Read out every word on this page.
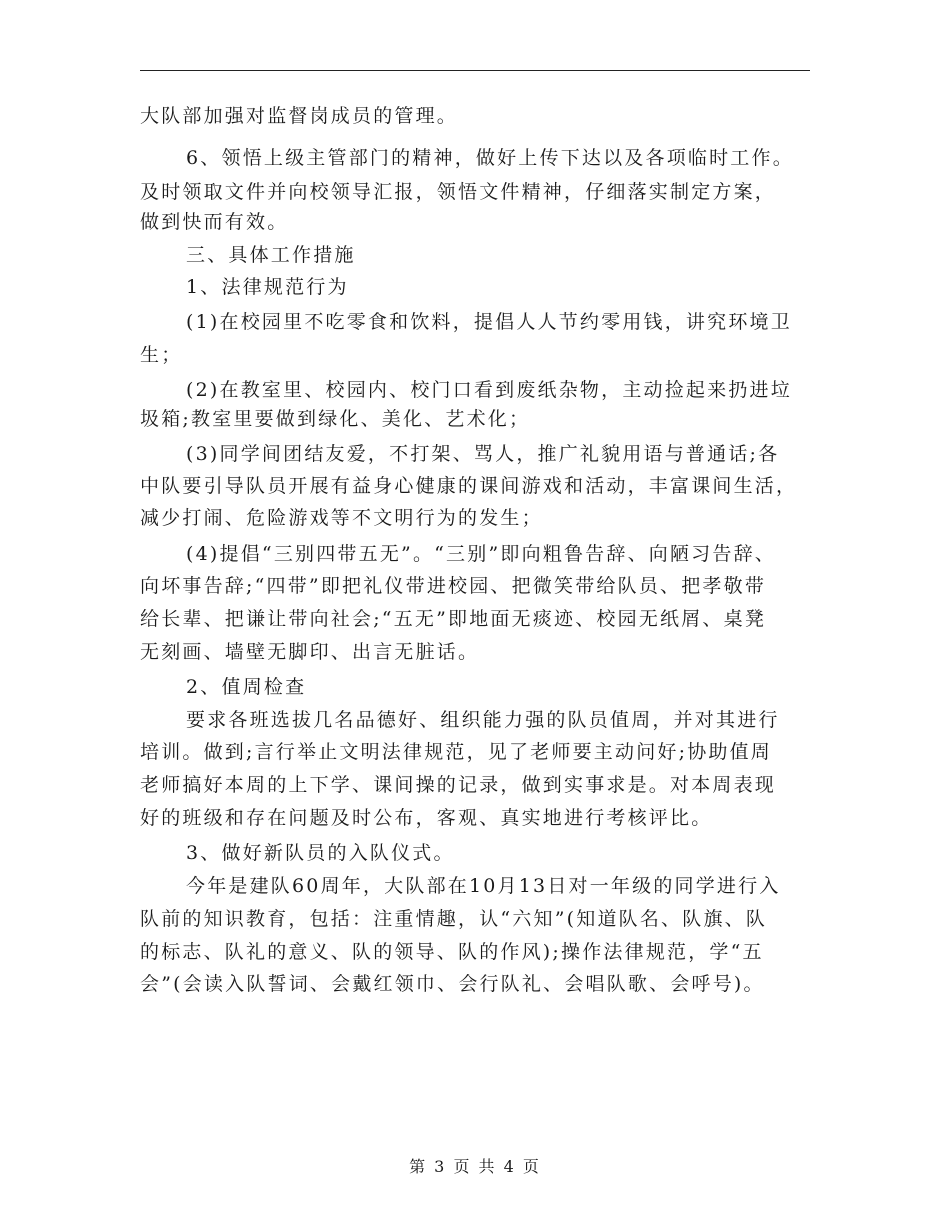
大队部加强对监督岗成员的管理。
6、领悟上级主管部门的精神，做好上传下达以及各项临时工作。
及时领取文件并向校领导汇报，领悟文件精神，仔细落实制定方案，
做到快而有效。
三、具体工作措施
1、法律规范行为
(1)在校园里不吃零食和饮料，提倡人人节约零用钱，讲究环境卫
生；
(2)在教室里、校园内、校门口看到废纸杂物，主动捡起来扔进垃
圾箱;教室里要做到绿化、美化、艺术化；
(3)同学间团结友爱，不打架、骂人，推广礼貌用语与普通话;各
中队要引导队员开展有益身心健康的课间游戏和活动，丰富课间生活，
减少打闹、危险游戏等不文明行为的发生；
(4)提倡“三别四带五无”。“三别”即向粗鲁告辞、向陋习告辞、
向坏事告辞;“四带”即把礼仪带进校园、把微笑带给队员、把孝敬带
给长辈、把谦让带向社会;“五无”即地面无痰迹、校园无纸屑、桌凳
无刻画、墙壁无脚印、出言无脏话。
2、值周检查
要求各班选拔几名品德好、组织能力强的队员值周，并对其进行
培训。做到;言行举止文明法律规范，见了老师要主动问好;协助值周
老师搞好本周的上下学、课间操的记录，做到实事求是。对本周表现
好的班级和存在问题及时公布，客观、真实地进行考核评比。
3、做好新队员的入队仪式。
今年是建队60周年，大队部在10月13日对一年级的同学进行入
队前的知识教育，包括：注重情趣，认“六知”(知道队名、队旗、队
的标志、队礼的意义、队的领导、队的作风);操作法律规范，学“五
会”(会读入队誓词、会戴红领巾、会行队礼、会唱队歌、会呼号)。
第 3 页 共 4 页
